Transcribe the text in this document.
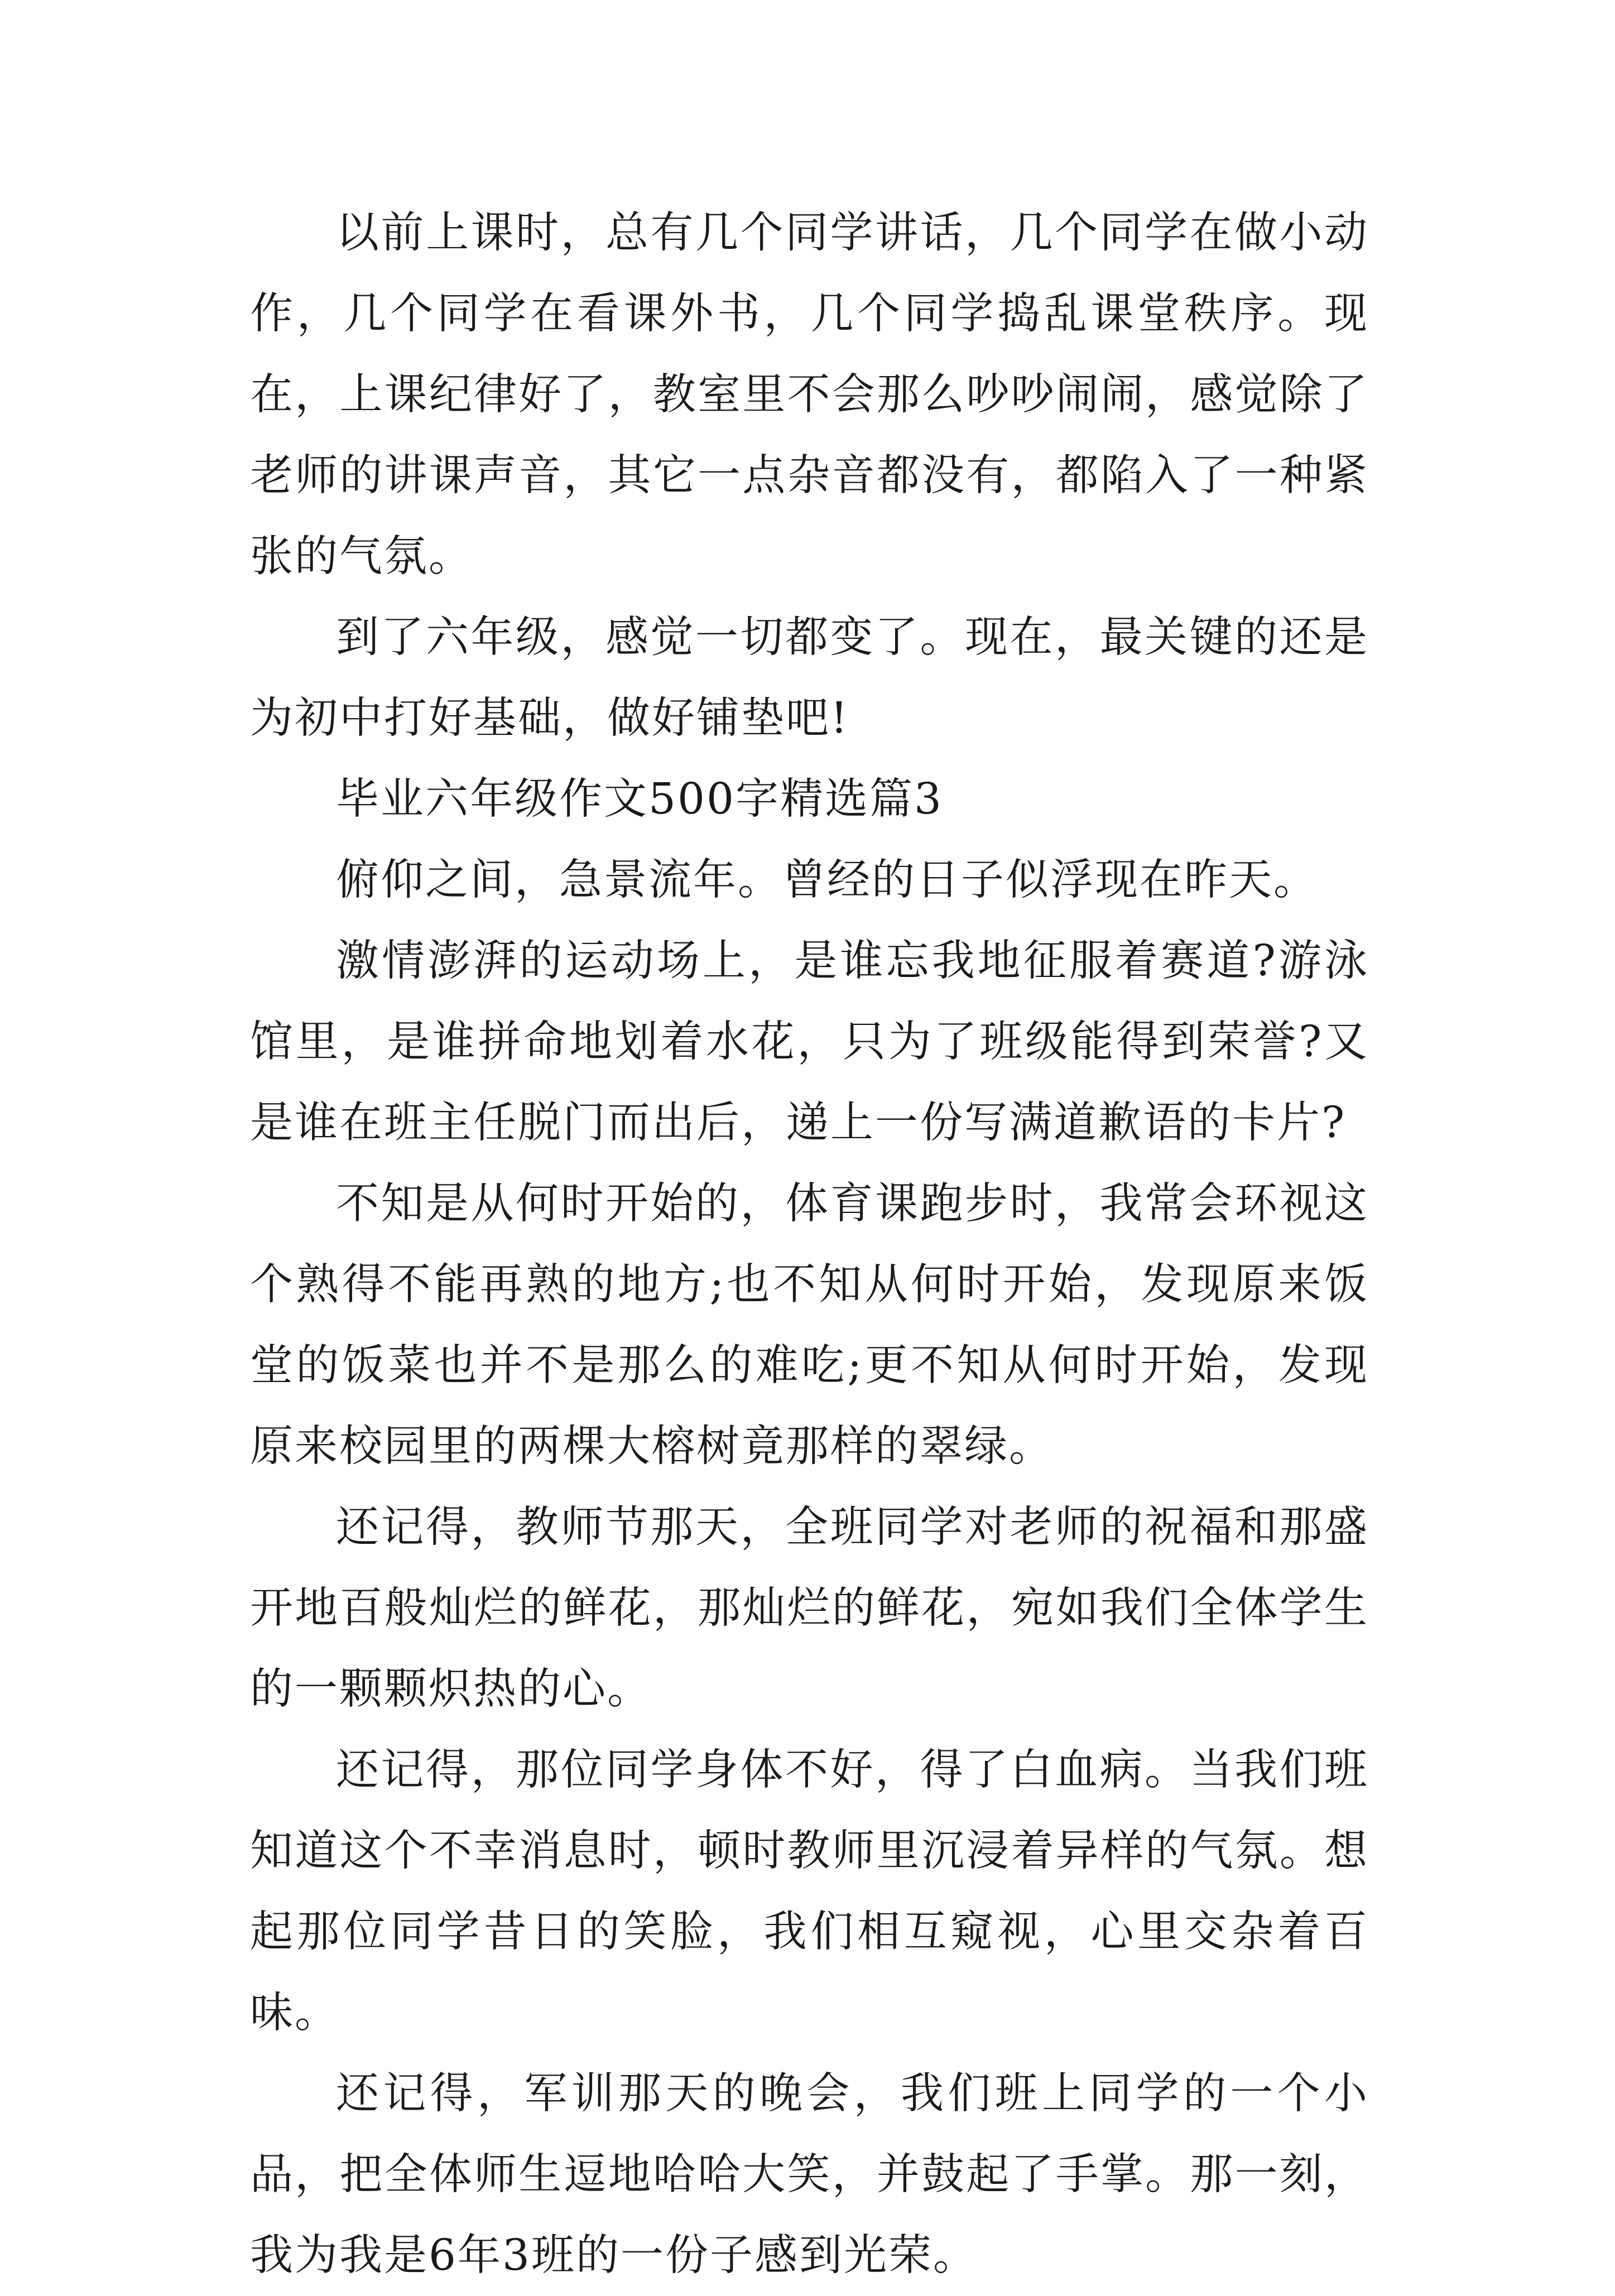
以前上课时，总有几个同学讲话，几个同学在做小动作，几个同学在看课外书，几个同学捣乱课堂秩序。现在，上课纪律好了，教室里不会那么吵吵闹闹，感觉除了老师的讲课声音，其它一点杂音都没有，都陷入了一种紧张的气氛。

到了六年级，感觉一切都变了。现在，最关键的还是为初中打好基础，做好铺垫吧!

毕业六年级作文500字精选篇3

俯仰之间，急景流年。曾经的日子似浮现在昨天。

激情澎湃的运动场上，是谁忘我地征服着赛道?游泳馆里，是谁拼命地划着水花，只为了班级能得到荣誉?又是谁在班主任脱门而出后，递上一份写满道歉语的卡片?

不知是从何时开始的，体育课跑步时，我常会环视这个熟得不能再熟的地方;也不知从何时开始，发现原来饭堂的饭菜也并不是那么的难吃;更不知从何时开始，发现原来校园里的两棵大榕树竟那样的翠绿。

还记得，教师节那天，全班同学对老师的祝福和那盛开地百般灿烂的鲜花，那灿烂的鲜花，宛如我们全体学生的一颗颗炽热的心。

还记得，那位同学身体不好，得了白血病。当我们班知道这个不幸消息时，顿时教师里沉浸着异样的气氛。想起那位同学昔日的笑脸，我们相互窥视，心里交杂着百味。

还记得，军训那天的晚会，我们班上同学的一个小品，把全体师生逗地哈哈大笑，并鼓起了手掌。那一刻，我为我是6年3班的一份子感到光荣。
